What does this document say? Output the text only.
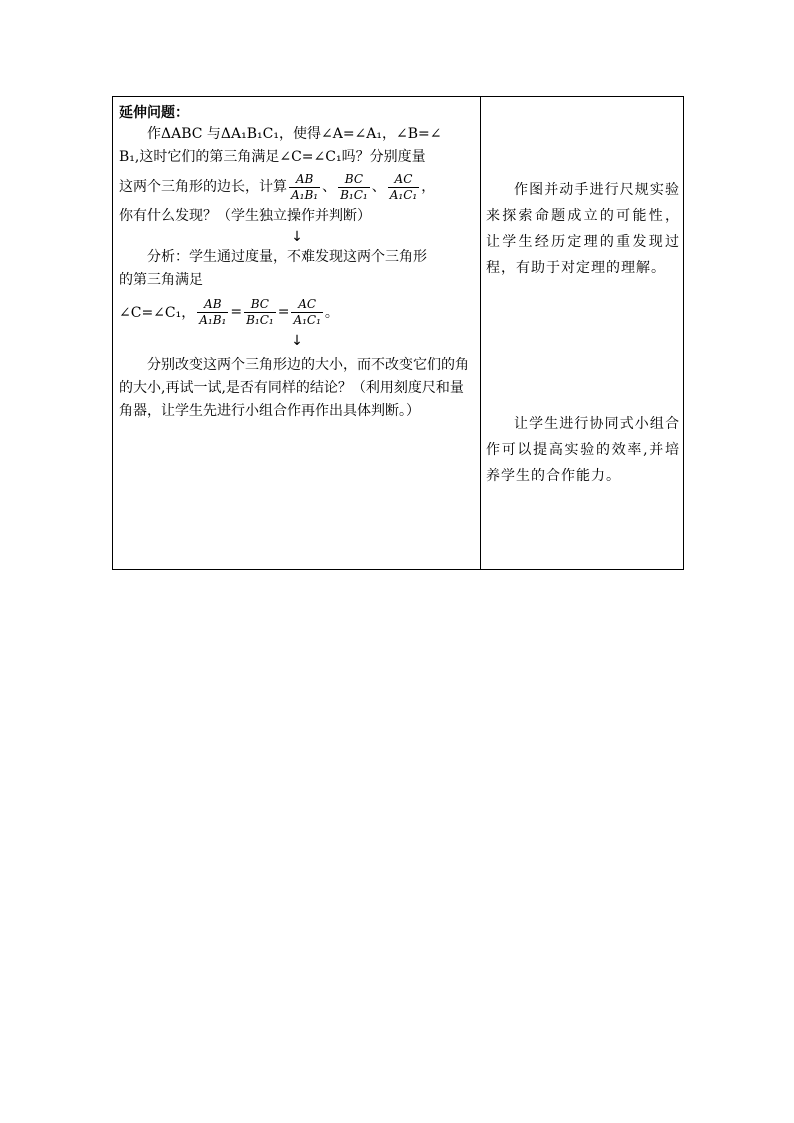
延伸问题：
作ΔABC 与ΔA₁B₁C₁，使得∠A=∠A₁，∠B=∠
B₁,这时它们的第三角满足∠C=∠C₁吗？分别度量
这两个三角形的边长，计算 $\frac{AB}{\text{A₁B₁}}$ 、 $\frac{BC}{\text{B₁C₁}}$ 、 $\frac{AC}{\text{A₁C₁}}$ ，
你有什么发现？（学生独立操作并判断）
↓
分析：学生通过度量，不难发现这两个三角形
的第三角满足
∠C=∠C₁， $\frac{AB}{\text{A₁B₁}} = \frac{BC}{\text{B₁C₁}} = \frac{AC}{\text{A₁C₁}}$ 。
↓
分别改变这两个三角形边的大小，而不改变它们的角的大小,再试一试,是否有同样的结论？（利用刻度尺和量角器，让学生先进行小组合作再作出具体判断。）
作图并动手进行尺规实验来探索命题成立的可能性，让学生经历定理的重发现过程，有助于对定理的理解。
让学生进行协同式小组合作可以提高实验的效率,并培养学生的合作能力。
